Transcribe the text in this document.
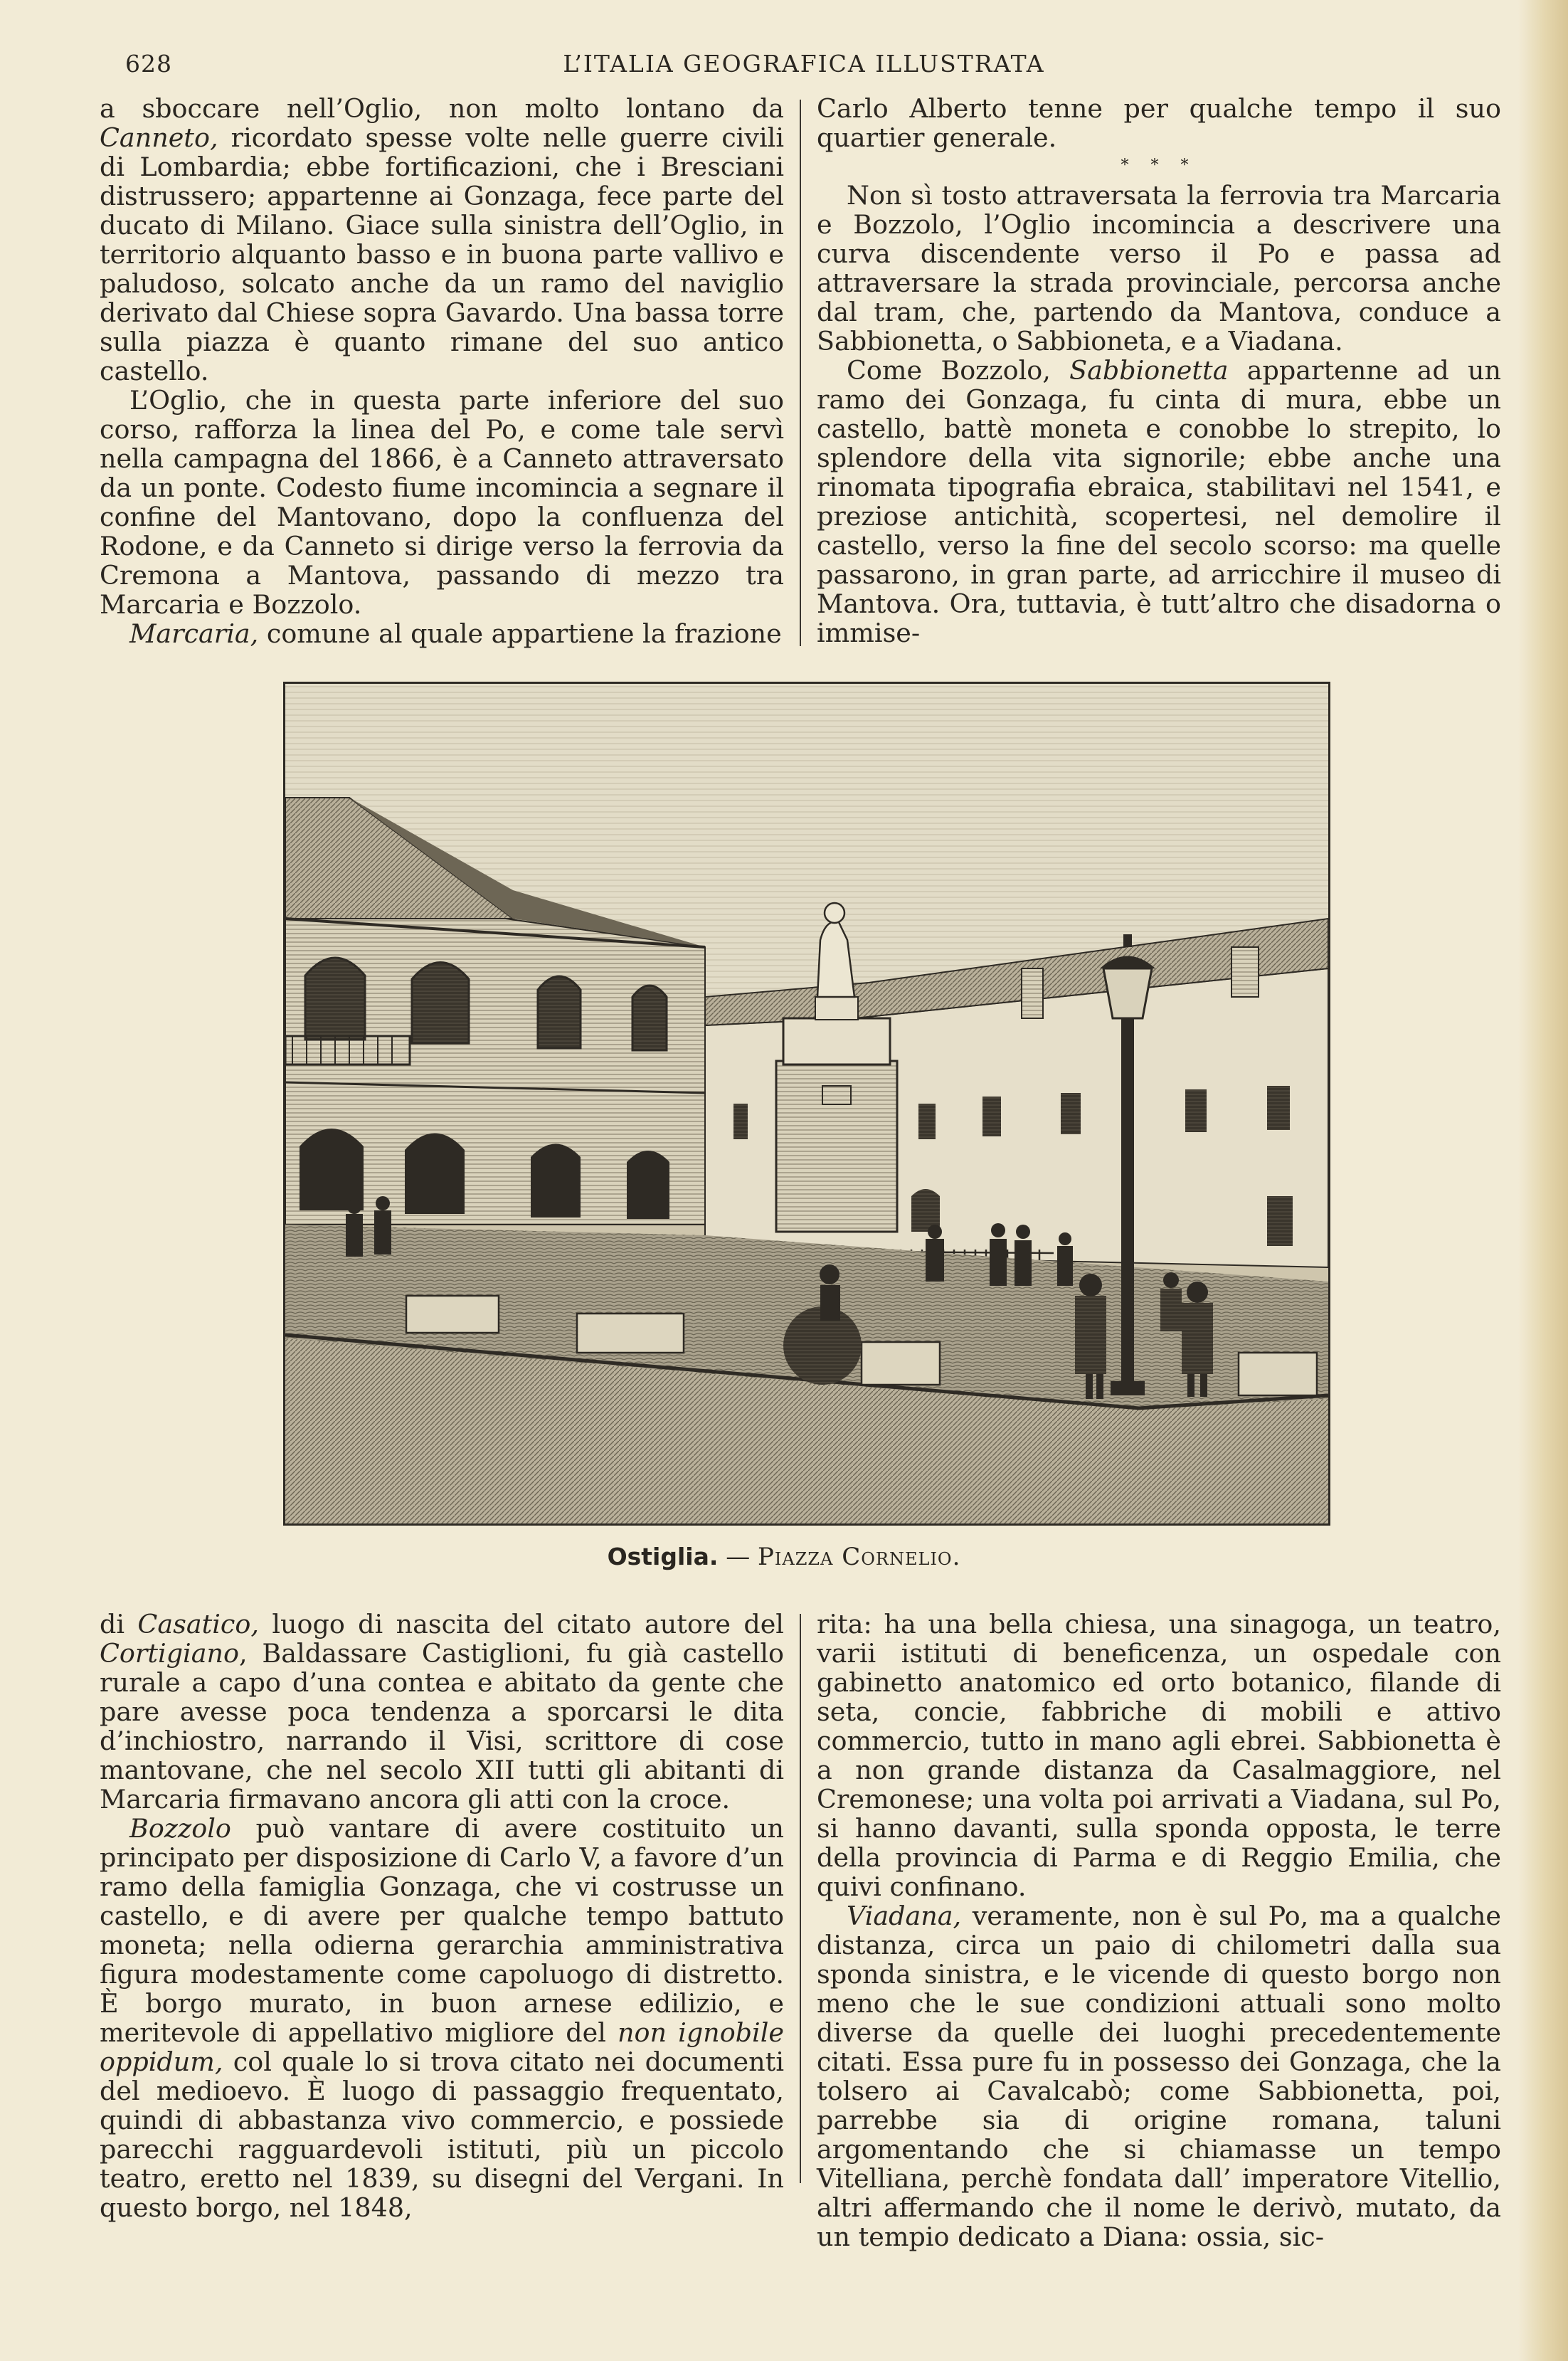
628	L’ITALIA GEOGRAFICA ILLUSTRATA

a sboccare nell’Oglio, non molto lontano da Canneto, ricordato spesse volte nelle guerre civili di Lombardia; ebbe fortificazioni, che i Bresciani distrussero; appartenne ai Gonzaga, fece parte del ducato di Milano. Giace sulla sinistra dell’Oglio, in territorio alquanto basso e in buona parte vallivo e paludoso, solcato anche da un ramo del naviglio derivato dal Chiese sopra Gavardo. Una bassa torre sulla piazza è quanto rimane del suo antico castello.

L’Oglio, che in questa parte inferiore del suo corso, rafforza la linea del Po, e come tale servì nella campagna del 1866, è a Canneto attraversato da un ponte. Codesto fiume incomincia a segnare il confine del Mantovano, dopo la confluenza del Rodone, e da Canneto si dirige verso la ferrovia da Cremona a Mantova, passando di mezzo tra Marcaria e Bozzolo.

Marcaria, comune al quale appartiene la frazione

Carlo Alberto tenne per qualche tempo il suo quartier generale.

* * *

Non sì tosto attraversata la ferrovia tra Marcaria e Bozzolo, l’Oglio incomincia a descrivere una curva discendente verso il Po e passa ad attraversare la strada provinciale, percorsa anche dal tram, che, partendo da Mantova, conduce a Sabbionetta, o Sabbioneta, e a Viadana.

Come Bozzolo, Sabbionetta appartenne ad un ramo dei Gonzaga, fu cinta di mura, ebbe un castello, battè moneta e conobbe lo strepito, lo splendore della vita signorile; ebbe anche una rinomata tipografia ebraica, stabilitavi nel 1541, e preziose antichità, scopertesi, nel demolire il castello, verso la fine del secolo scorso: ma quelle passarono, in gran parte, ad arricchire il museo di Mantova. Ora, tuttavia, è tutt’altro che disadorna o immise-

Ostiglia. — Piazza Cornelio.

di Casatico, luogo di nascita del citato autore del Cortigiano, Baldassare Castiglioni, fu già castello rurale a capo d’una contea e abitato da gente che pare avesse poca tendenza a sporcarsi le dita d’inchiostro, narrando il Visi, scrittore di cose mantovane, che nel secolo XII tutti gli abitanti di Marcaria firmavano ancora gli atti con la croce.

Bozzolo può vantare di avere costituito un principato per disposizione di Carlo V, a favore d’un ramo della famiglia Gonzaga, che vi costrusse un castello, e di avere per qualche tempo battuto moneta; nella odierna gerarchia amministrativa figura modestamente come capoluogo di distretto. È borgo murato, in buon arnese edilizio, e meritevole di appellativo migliore del non ignobile oppidum, col quale lo si trova citato nei documenti del medioevo. È luogo di passaggio frequentato, quindi di abbastanza vivo commercio, e possiede parecchi ragguardevoli istituti, più un piccolo teatro, eretto nel 1839, su disegni del Vergani. In questo borgo, nel 1848,

rita: ha una bella chiesa, una sinagoga, un teatro, varii istituti di beneficenza, un ospedale con gabinetto anatomico ed orto botanico, filande di seta, concie, fabbriche di mobili e attivo commercio, tutto in mano agli ebrei. Sabbionetta è a non grande distanza da Casalmaggiore, nel Cremonese; una volta poi arrivati a Viadana, sul Po, si hanno davanti, sulla sponda opposta, le terre della provincia di Parma e di Reggio Emilia, che quivi confinano.

Viadana, veramente, non è sul Po, ma a qualche distanza, circa un paio di chilometri dalla sua sponda sinistra, e le vicende di questo borgo non meno che le sue condizioni attuali sono molto diverse da quelle dei luoghi precedentemente citati. Essa pure fu in possesso dei Gonzaga, che la tolsero ai Cavalcabò; come Sabbionetta, poi, parrebbe sia di origine romana, taluni argomentando che si chiamasse un tempo Vitelliana, perchè fondata dall’ imperatore Vitellio, altri affermando che il nome le derivò, mutato, da un tempio dedicato a Diana: ossia, sic-
